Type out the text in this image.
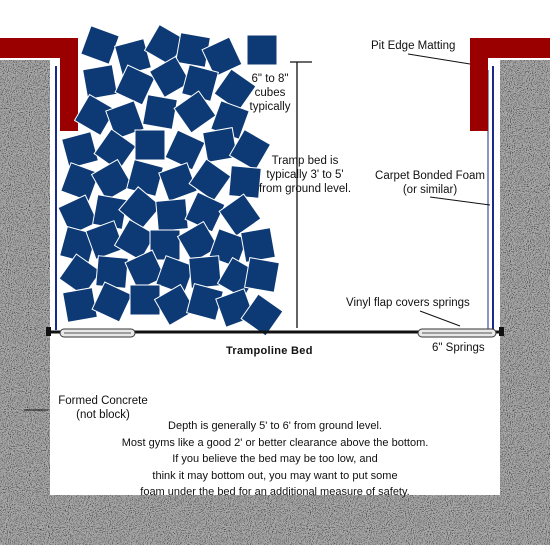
Pit Edge Matting
6" to 8"
cubes
typically
Tramp bed is
typically 3' to 5'
from ground level.
Carpet Bonded Foam
(or similar)
Vinyl flap covers springs
Trampoline Bed	6" Springs
Formed Concrete
(not block)
Depth is generally 5' to 6' from ground level.
Most gyms like a good 2' or better clearance above the bottom.
If you believe the bed may be too low, and
think it may bottom out, you may want to put some
foam under the bed for an additional measure of safety.
